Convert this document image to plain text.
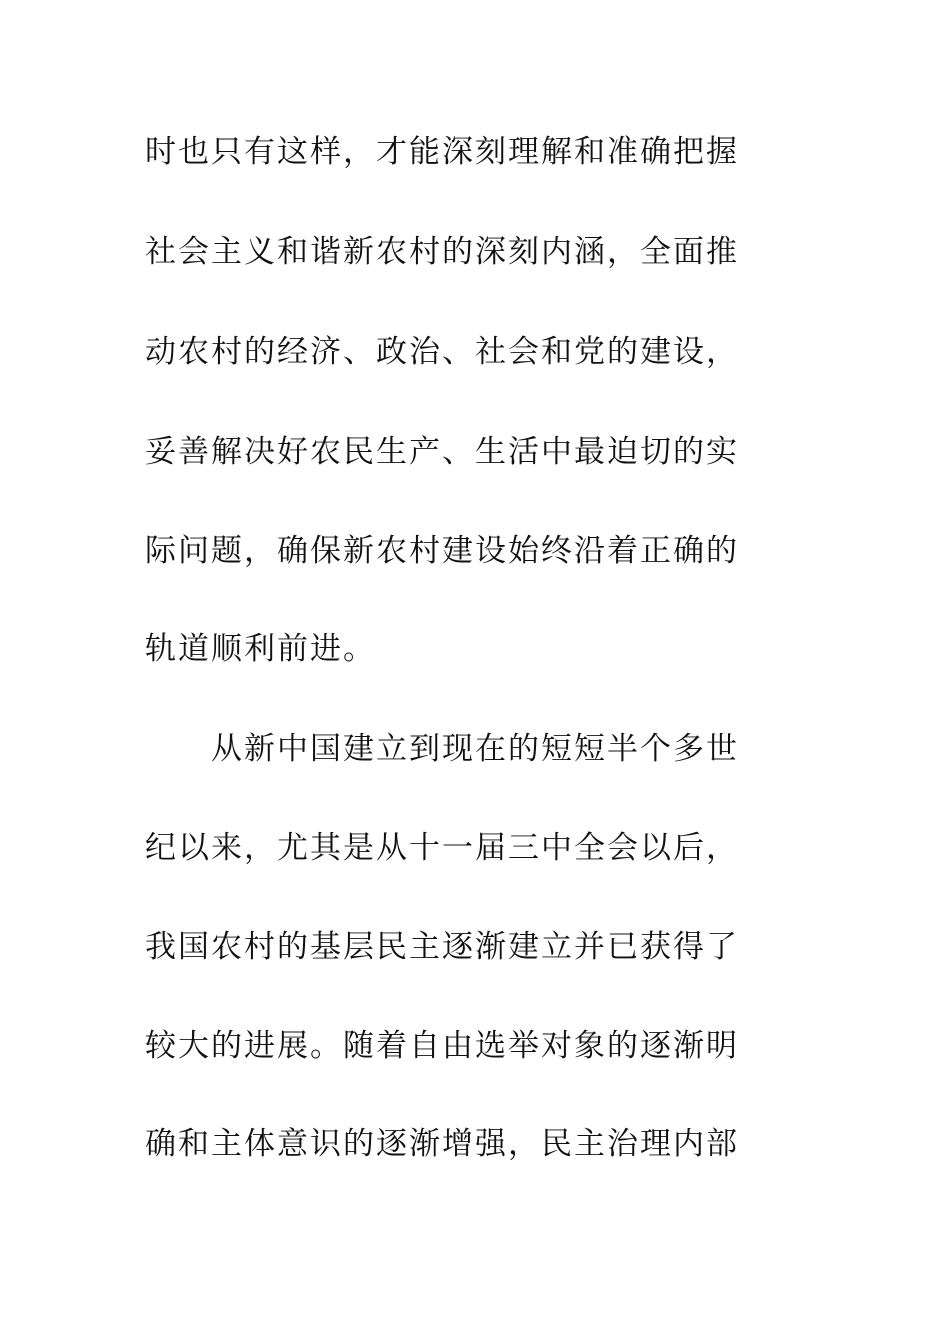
时也只有这样，才能深刻理解和准确把握
社会主义和谐新农村的深刻内涵，全面推
动农村的经济、政治、社会和党的建设，
妥善解决好农民生产、生活中最迫切的实
际问题，确保新农村建设始终沿着正确的
轨道顺利前进。
从新中国建立到现在的短短半个多世
纪以来，尤其是从十一届三中全会以后，
我国农村的基层民主逐渐建立并已获得了
较大的进展。随着自由选举对象的逐渐明
确和主体意识的逐渐增强，民主治理内部
